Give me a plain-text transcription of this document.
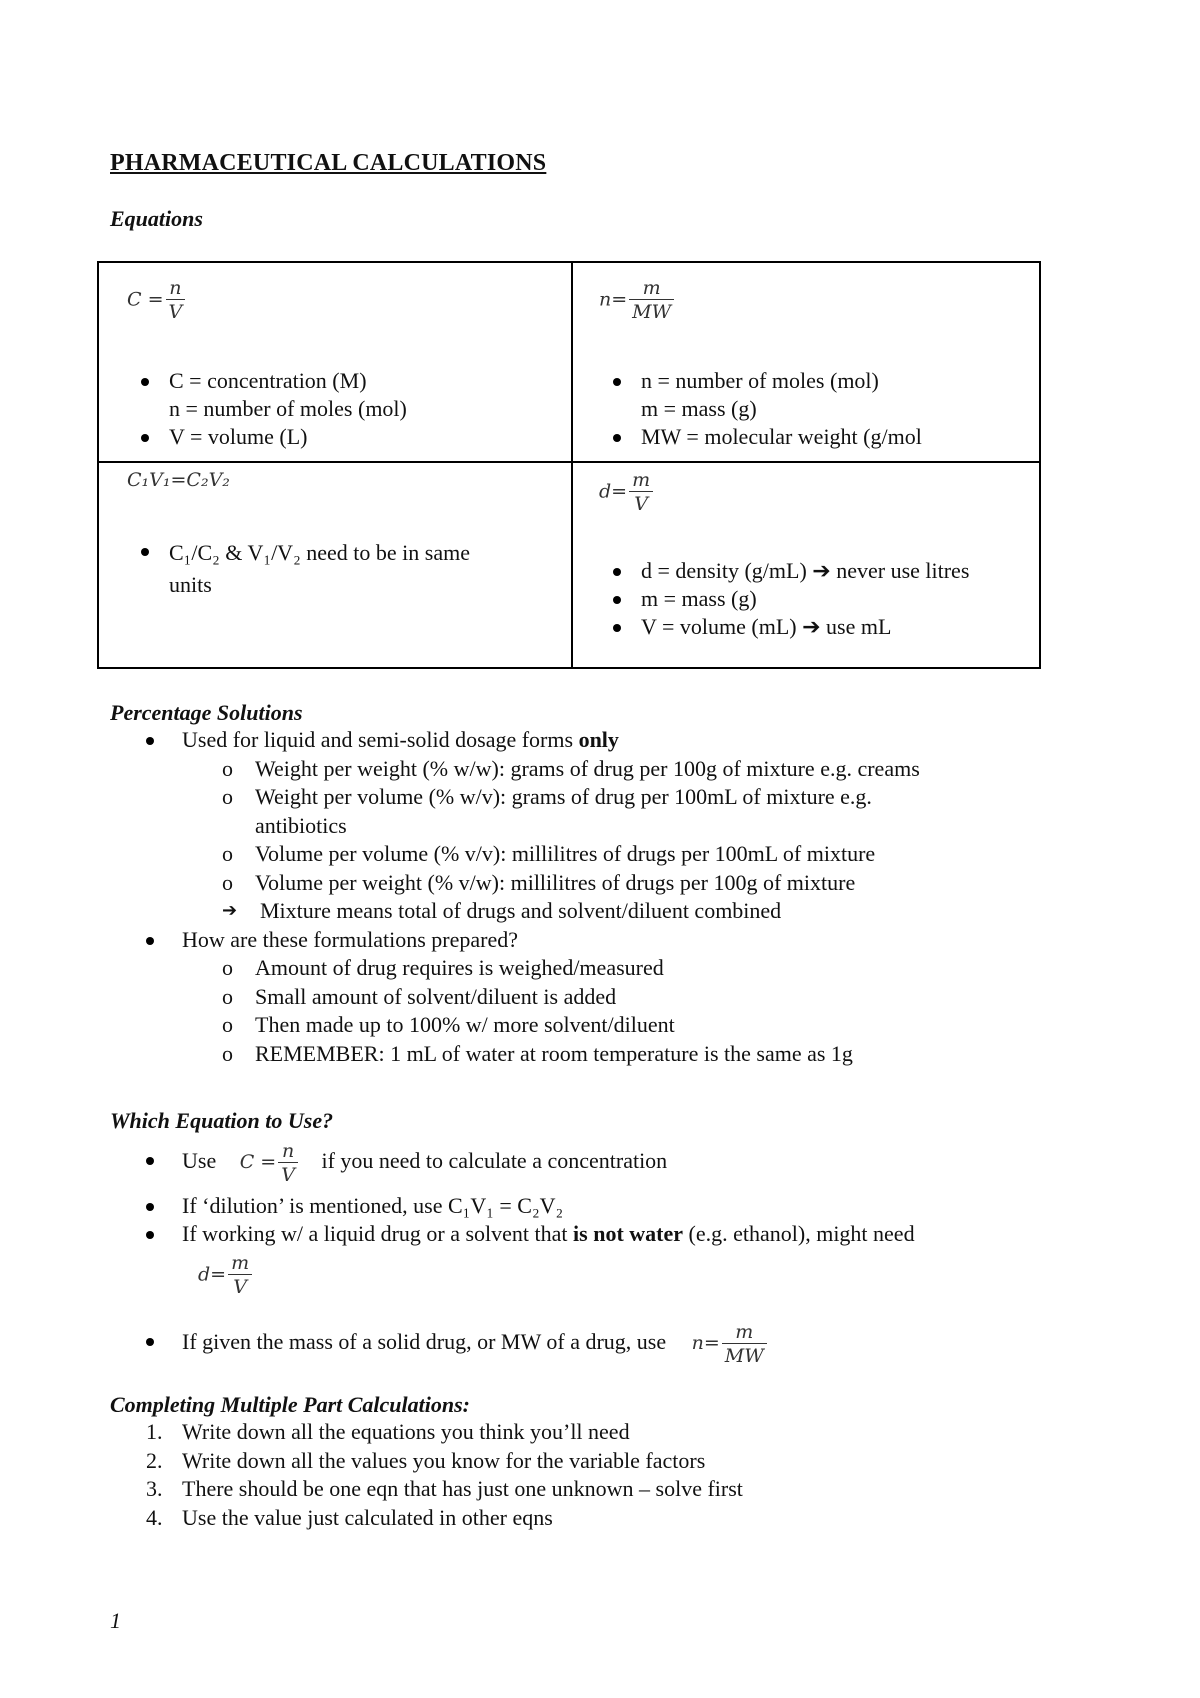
PHARMACEUTICAL CALCULATIONS
Equations
$C = \frac{n}{V}$
C = concentration (M)
n = number of moles (mol)
V = volume (L)
$n= \frac{m}{MW}$
n = number of moles (mol)
m = mass (g)
MW = molecular weight (g/mol
C₁V₁=C₂V₂
C₁/C₂ & V₁/V₂ need to be in same
units
$d= \frac{m}{V}$
d = density (g/mL) ➔ never use litres
m = mass (g)
V = volume (mL) ➔ use mL
Percentage Solutions
Used for liquid and semi-solid dosage forms only
o Weight per weight (% w/w): grams of drug per 100g of mixture e.g. creams
o Weight per volume (% w/v): grams of drug per 100mL of mixture e.g.
antibiotics
o Volume per volume (% v/v): millilitres of drugs per 100mL of mixture
o Volume per weight (% v/w): millilitres of drugs per 100g of mixture
➔ Mixture means total of drugs and solvent/diluent combined
How are these formulations prepared?
o Amount of drug requires is weighed/measured
o Small amount of solvent/diluent is added
o Then made up to 100% w/ more solvent/diluent
o REMEMBER: 1 mL of water at room temperature is the same as 1g
Which Equation to Use?
Use $C = \frac{n}{V}$ if you need to calculate a concentration
If ‘dilution’ is mentioned, use C₁V₁ = C₂V₂
If working w/ a liquid drug or a solvent that is not water (e.g. ethanol), might need
$d= \frac{m}{V}$
If given the mass of a solid drug, or MW of a drug, use $n= \frac{m}{MW}$
Completing Multiple Part Calculations:
1. Write down all the equations you think you’ll need
2. Write down all the values you know for the variable factors
3. There should be one eqn that has just one unknown – solve first
4. Use the value just calculated in other eqns
1
